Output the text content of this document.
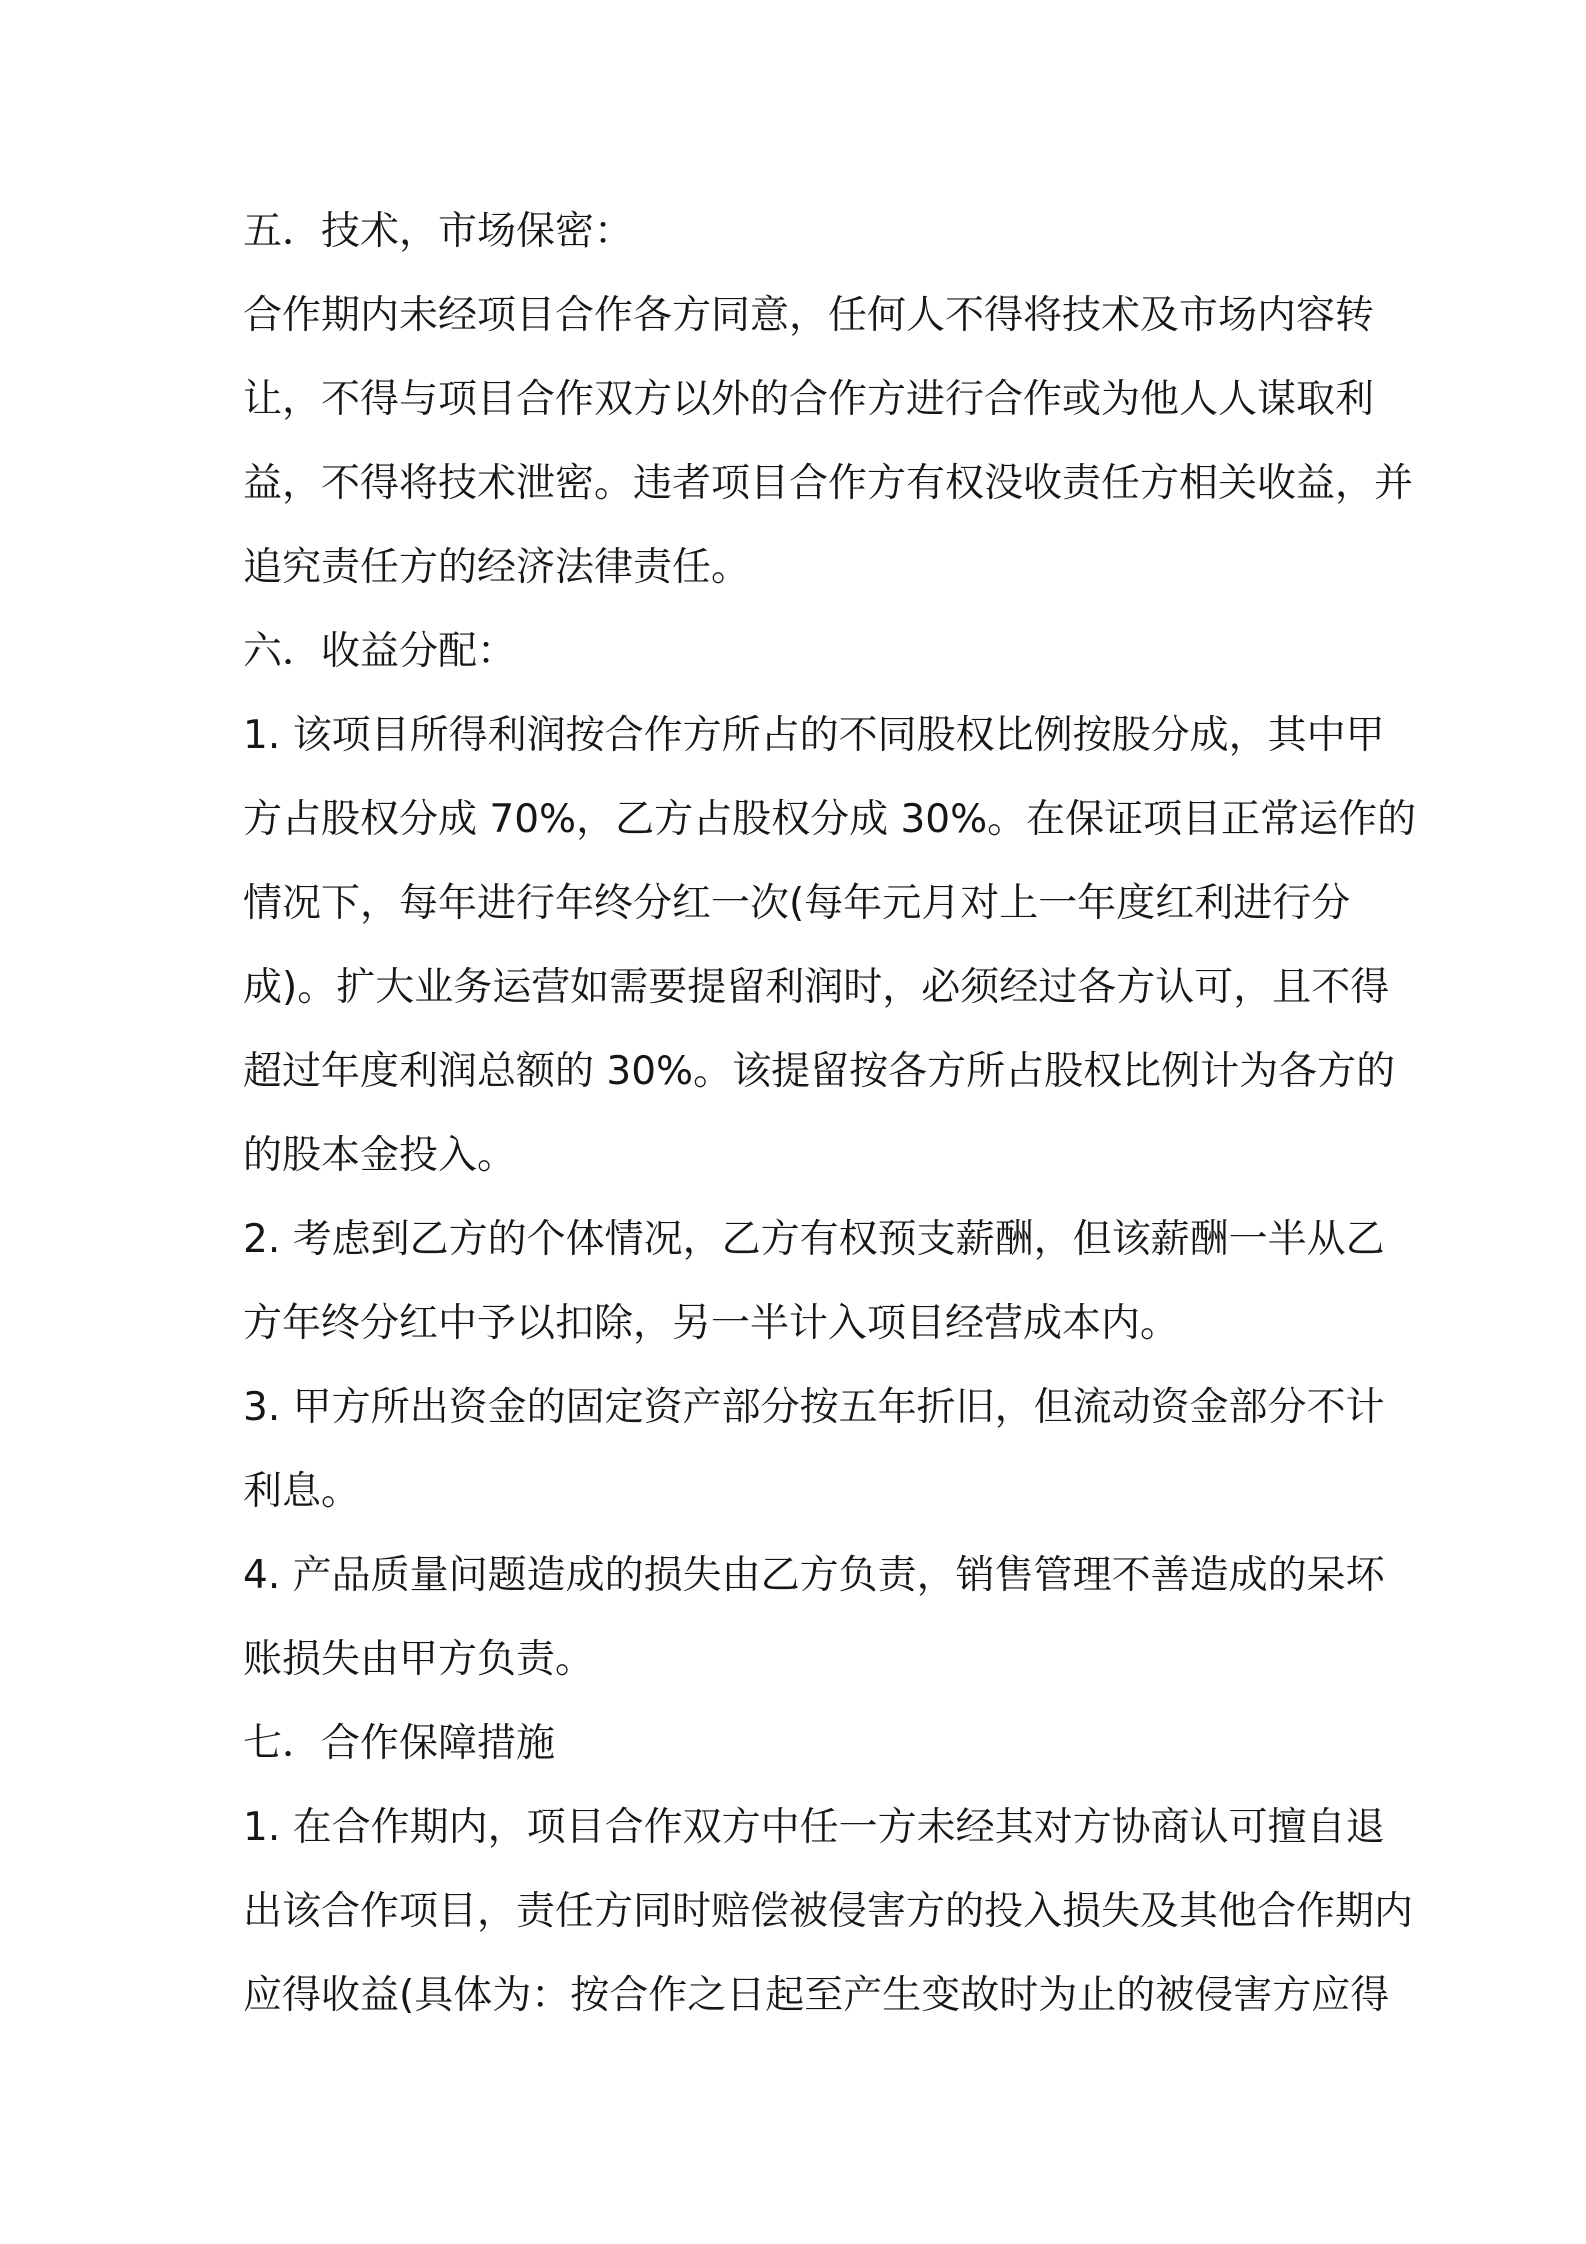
五．技术，市场保密：
合作期内未经项目合作各方同意，任何人不得将技术及市场内容转
让，不得与项目合作双方以外的合作方进行合作或为他人人谋取利
益，不得将技术泄密。违者项目合作方有权没收责任方相关收益，并
追究责任方的经济法律责任。
六．收益分配：
1. 该项目所得利润按合作方所占的不同股权比例按股分成，其中甲
方占股权分成 70%，乙方占股权分成 30%。在保证项目正常运作的
情况下，每年进行年终分红一次(每年元月对上一年度红利进行分
成)。扩大业务运营如需要提留利润时，必须经过各方认可，且不得
超过年度利润总额的 30%。该提留按各方所占股权比例计为各方的
的股本金投入。
2. 考虑到乙方的个体情况，乙方有权预支薪酬，但该薪酬一半从乙
方年终分红中予以扣除，另一半计入项目经营成本内。
3. 甲方所出资金的固定资产部分按五年折旧，但流动资金部分不计
利息。
4. 产品质量问题造成的损失由乙方负责，销售管理不善造成的呆坏
账损失由甲方负责。
七．合作保障措施
1. 在合作期内，项目合作双方中任一方未经其对方协商认可擅自退
出该合作项目，责任方同时赔偿被侵害方的投入损失及其他合作期内
应得收益(具体为：按合作之日起至产生变故时为止的被侵害方应得
